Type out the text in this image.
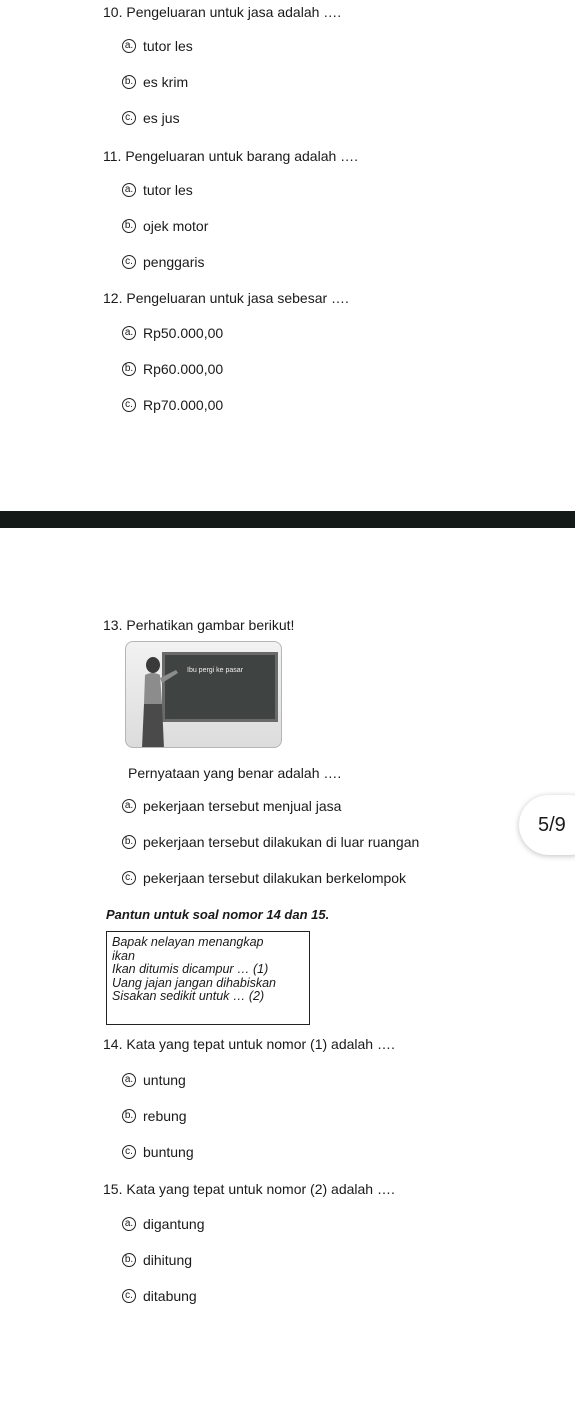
10. Pengeluaran untuk jasa adalah ….
a. tutor les
b. es krim
c. es jus
11. Pengeluaran untuk barang adalah ….
a. tutor les
b. ojek motor
c. penggaris
12. Pengeluaran untuk jasa sebesar ….
a. Rp50.000,00
b. Rp60.000,00
c. Rp70.000,00
13. Perhatikan gambar berikut!
Ibu pergi ke pasar
Pernyataan yang benar adalah ….
a. pekerjaan tersebut menjual jasa
b. pekerjaan tersebut dilakukan di luar ruangan
c. pekerjaan tersebut dilakukan berkelompok
5/9
Pantun untuk soal nomor 14 dan 15.
Bapak nelayan menangkap
ikan
Ikan ditumis dicampur … (1)
Uang jajan jangan dihabiskan
Sisakan sedikit untuk … (2)
14. Kata yang tepat untuk nomor (1) adalah ….
a. untung
b. rebung
c. buntung
15. Kata yang tepat untuk nomor (2) adalah ….
a. digantung
b. dihitung
c. ditabung
